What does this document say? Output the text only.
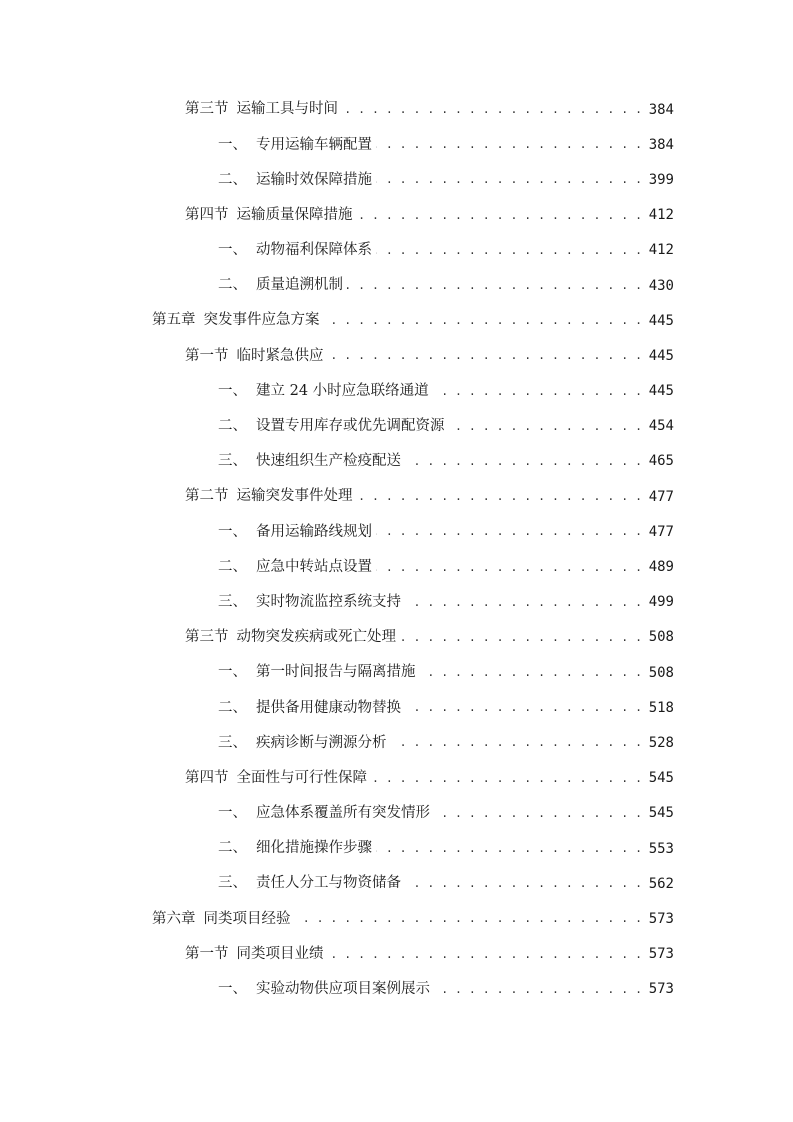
第三节 运输工具与时间 . . .	384
一、 专用运输车辆配置 . . .	384
二、 运输时效保障措施 . . .	399
第四节 运输质量保障措施 . . .	412
一、 动物福利保障体系 . . .	412
二、 质量追溯机制 . . .	430
第五章 突发事件应急方案 . . .	445
第一节 临时紧急供应 . . .	445
一、 建立 24 小时应急联络通道 . . .	445
二、 设置专用库存或优先调配资源 . . .	454
三、 快速组织生产检疫配送 . . .	465
第二节 运输突发事件处理 . . .	477
一、 备用运输路线规划 . . .	477
二、 应急中转站点设置 . . .	489
三、 实时物流监控系统支持 . . .	499
第三节 动物突发疾病或死亡处理 . . .	508
一、 第一时间报告与隔离措施 . . .	508
二、 提供备用健康动物替换 . . .	518
三、 疾病诊断与溯源分析 . . .	528
第四节 全面性与可行性保障 . . .	545
一、 应急体系覆盖所有突发情形 . . .	545
二、 细化措施操作步骤 . . .	553
三、 责任人分工与物资储备 . . .	562
第六章 同类项目经验 . . .	573
第一节 同类项目业绩 . . .	573
一、 实验动物供应项目案例展示 . . .	573
